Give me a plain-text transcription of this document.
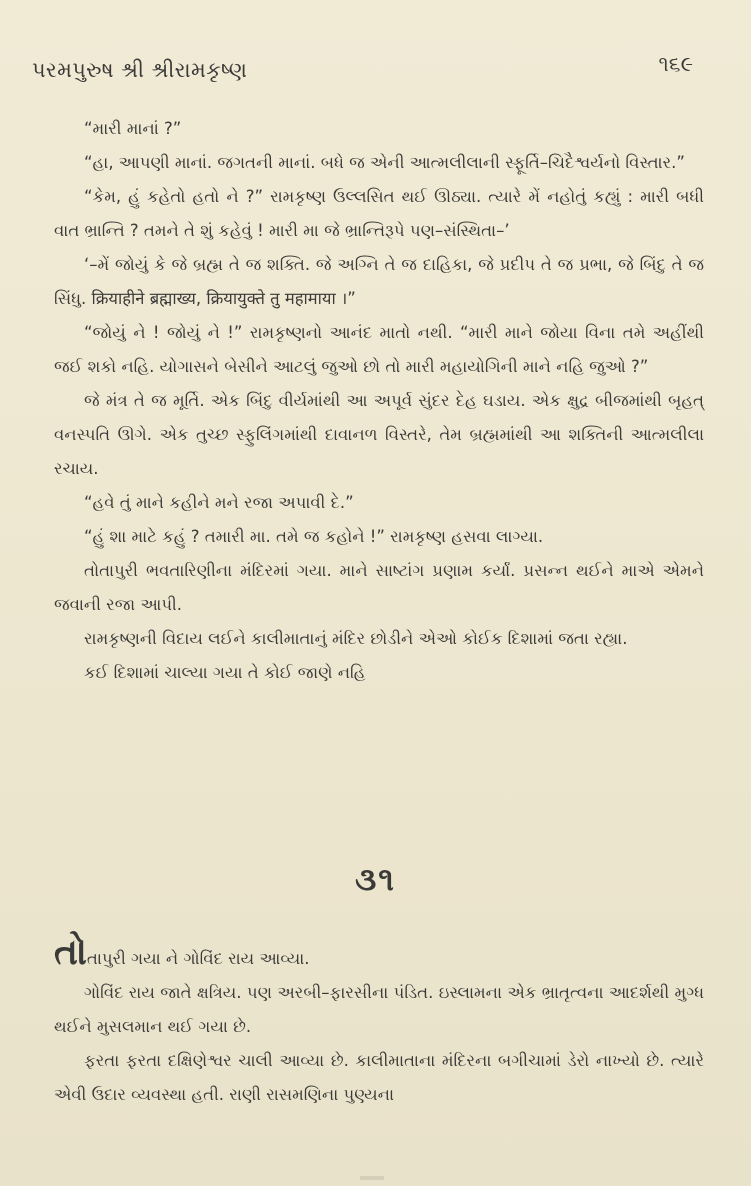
પરમપુરુષ શ્રી શ્રીરામકૃષ્ણ	૧૬૯

“મારી માનાં ?”

“હા, આપણી માનાં. જગતની માનાં. બધે જ એની આત્મલીલાની સ્ફૂર્તિ–ચિદૈશ્વર્યનો વિસ્તાર.”

“કેમ, હું કહેતો હતો ને ?” રામકૃષ્ણ ઉલ્લસિત થઈ ઊઠ્યા. ત્યારે મેં નહોતું કહ્યું : મારી બધી વાત ભ્રાન્તિ ? તમને તે શું કહેવું ! મારી મા જે ભ્રાન્તિરૂપે પણ–સંસ્થિતા–’

‘–મેં જોયું કે જે બ્રહ્મ તે જ શક્તિ. જે અગ્નિ તે જ દાહિકા, જે પ્રદીપ તે જ પ્રભા, જે બિંદુ તે જ સિંધુ. क्रियाहीने ब्रह्माख्य, क्रियायुक्ते तु महामाया ।”

“જોયું ને ! જોયું ને !” રામકૃષ્ણનો આનંદ માતો નથી. “મારી માને જોયા વિના તમે અહીંથી જઈ શકો નહિ. યોગાસને બેસીને આટલું જુઓ છો તો મારી મહાયોગિની માને નહિ જુઓ ?”

જે મંત્ર તે જ મૂર્તિ. એક બિંદુ વીર્યમાંથી આ અપૂર્વ સુંદર દેહ ઘડાય. એક ક્ષુદ્ર બીજમાંથી બૃહત્ વનસ્પતિ ઊગે. એક તુચ્છ સ્ફુલિંગમાંથી દાવાનળ વિસ્તરે, તેમ બ્રહ્મમાંથી આ શક્તિની આત્મલીલા રચાય.

“હવે તું માને કહીને મને રજા અપાવી દે.”

“હું શા માટે કહું ? તમારી મા. તમે જ કહોને !” રામકૃષ્ણ હસવા લાગ્યા.

તોતાપુરી ભવતારિણીના મંદિરમાં ગયા. માને સાષ્ટાંગ પ્રણામ કર્યાં. પ્રસન્ન થઈને માએ એમને જવાની રજા આપી.

રામકૃષ્ણની વિદાય લઈને કાલીમાતાનું મંદિર છોડીને એઓ કોઈક દિશામાં જતા રહ્યા.

કઈ દિશામાં ચાલ્યા ગયા તે કોઈ જાણે નહિ

૩૧

તોતાપુરી ગયા ને ગોવિંદ રાય આવ્યા.

ગોવિંદ રાય જાતે ક્ષત્રિય. પણ અરબી–ફારસીના પંડિત. ઇસ્લામના એક ભ્રાતૃત્વના આદર્શથી મુગ્ધ થઈને મુસલમાન થઈ ગયા છે.

ફરતા ફરતા દક્ષિણેશ્વર ચાલી આવ્યા છે. કાલીમાતાના મંદિરના બગીચામાં ડેરો નાખ્યો છે. ત્યારે એવી ઉદાર વ્યવસ્થા હતી. રાણી રાસમણિના પુણ્યના
